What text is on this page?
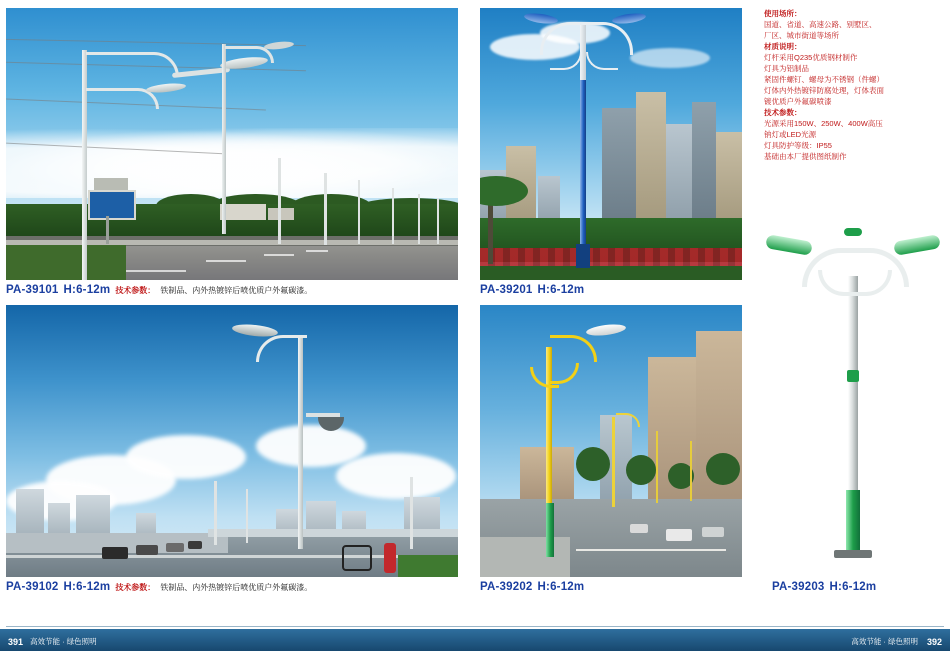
PA-39101 H:6-12m 技术参数： 铁制品、内外热镀锌后喷优质户外氟碳漆。	PA-39201 H:6-12m
PA-39102 H:6-12m 技术参数： 铁制品、内外热镀锌后喷优质户外氟碳漆。	PA-39202 H:6-12m	PA-39203 H:6-12m
使用场所：
国道、省道、高速公路、别墅区、
厂区、城市街道等场所
材质说明：
灯杆采用Q235优质钢材制作
灯具为铝制品
紧固件螺钉、螺母为不锈钢（件螺）
灯体内外热镀锌防腐处理，灯体表面
镀优质户外氟碳喷漆
技术参数：
光源采用150W、250W、400W高压
钠灯或LED光源
灯具防护等级：IP55
基础由本厂提供图纸制作
391 高效节能 · 绿色照明	高效节能 · 绿色照明 392
